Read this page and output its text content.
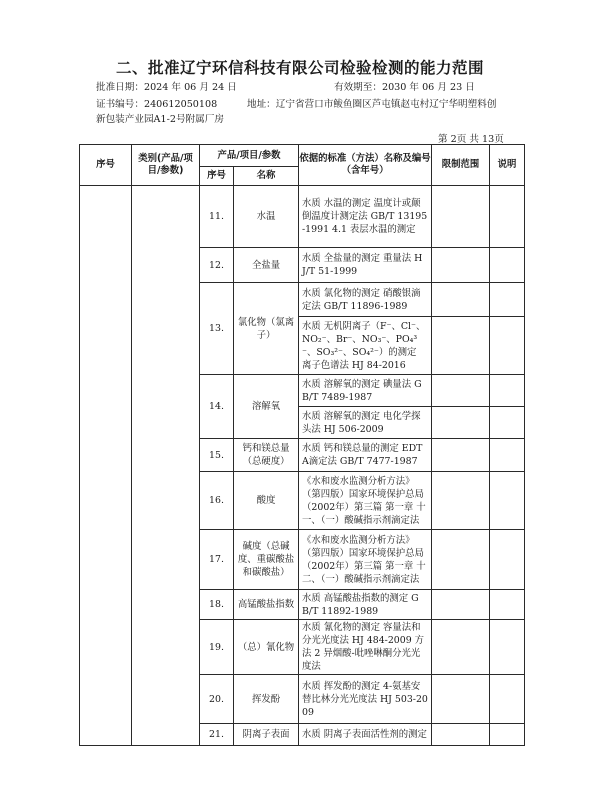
二、批准辽宁环信科技有限公司检验检测的能力范围
批准日期：2024 年 06 月 24 日	有效期至：2030 年 06 月 23 日
证书编号：240612050108	地址：辽宁省营口市鲅鱼圈区芦屯镇赵屯村辽宁华明塑料创
新包装产业园A1-2号附属厂房
第 2页 共 13页
序号	类别(产品/项目/参数)	产品/项目/参数		依据的标准（方法）名称及编号（含年号）	限制范围	说明
		序号	名称			
		11.	水温	水质 水温的测定 温度计或颠倒温度计测定法 GB/T 13195-1991 4.1 表层水温的测定		
		12.	全盐量	水质 全盐量的测定 重量法 HJ/T 51-1999		
		13.	氯化物（氯离子）	水质 氯化物的测定 硝酸银滴定法 GB/T 11896-1989		
				水质 无机阴离子（F⁻、Cl⁻、NO₂⁻、Br⁻、NO₃⁻、PO₄³⁻、SO₃²⁻、SO₄²⁻）的测定 离子色谱法 HJ 84-2016		
		14.	溶解氧	水质 溶解氧的测定 碘量法 GB/T 7489-1987		
				水质 溶解氧的测定 电化学探头法 HJ 506-2009		
		15.	钙和镁总量（总硬度）	水质 钙和镁总量的测定 EDTA滴定法 GB/T 7477-1987		
		16.	酸度	《水和废水监测分析方法》（第四版）国家环境保护总局（2002年）第三篇 第一章 十一、（一）酸碱指示剂滴定法		
		17.	碱度（总碱度、重碳酸盐和碳酸盐）	《水和废水监测分析方法》（第四版）国家环境保护总局（2002年）第三篇 第一章 十二、（一）酸碱指示剂滴定法		
		18.	高锰酸盐指数	水质 高锰酸盐指数的测定 GB/T 11892-1989		
		19.	（总）氰化物	水质 氰化物的测定 容量法和分光光度法 HJ 484-2009 方法 2 异烟酸-吡唑啉酮分光光度法		
		20.	挥发酚	水质 挥发酚的测定 4-氨基安替比林分光光度法 HJ 503-2009		
		21.	阴离子表面	水质 阴离子表面活性剂的测定		
